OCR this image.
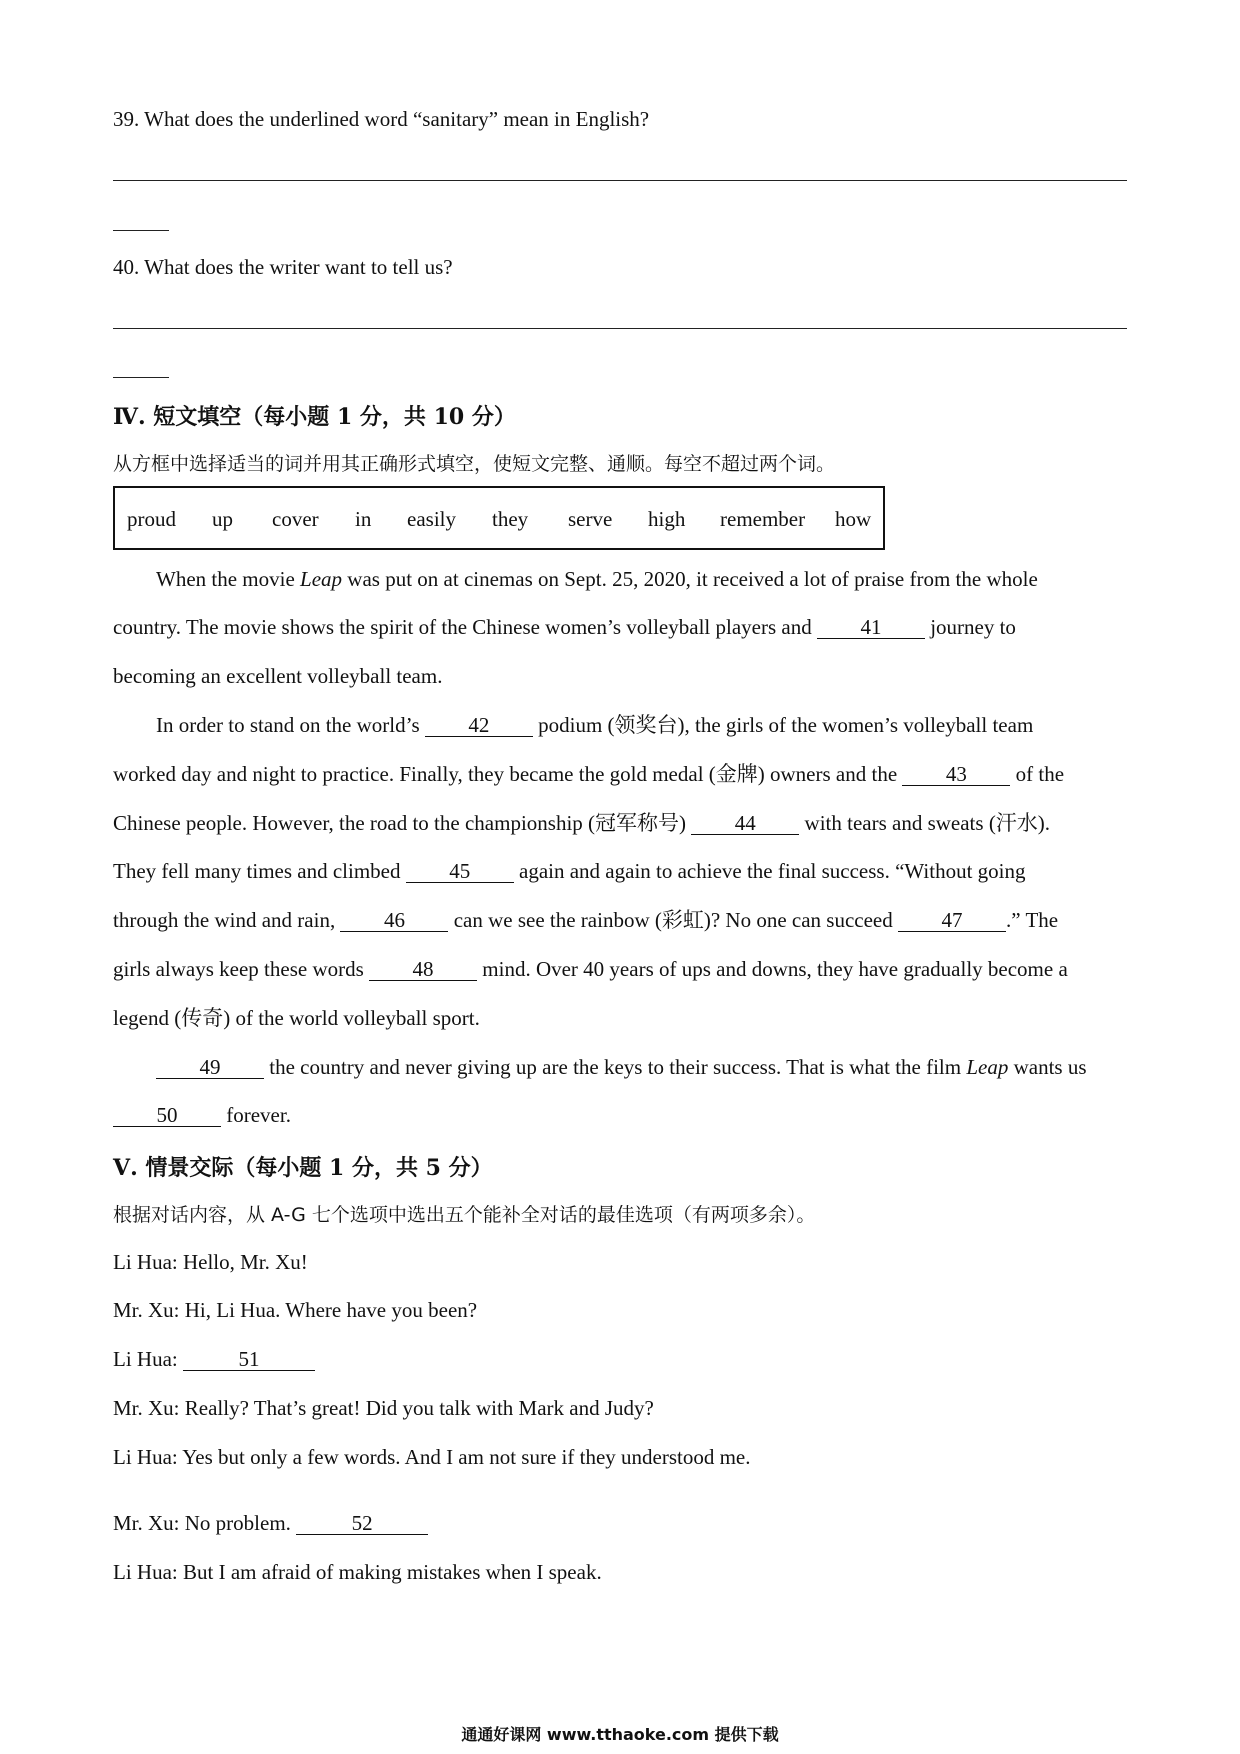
39. What does the underlined word “sanitary” mean in English?
40. What does the writer want to tell us?
Ⅳ. 短文填空（每小题 1 分，共 10 分）
从方框中选择适当的词并用其正确形式填空，使短文完整、通顺。每空不超过两个词。
proud up cover in easily they serve high remember how
When the movie Leap was put on at cinemas on Sept. 25, 2020, it received a lot of praise from the whole
country. The movie shows the spirit of the Chinese women’s volleyball players and 41 journey to
becoming an excellent volleyball team.
In order to stand on the world’s 42 podium (领奖台), the girls of the women’s volleyball team
worked day and night to practice. Finally, they became the gold medal (金牌) owners and the 43 of the
Chinese people. However, the road to the championship (冠军称号) 44 with tears and sweats (汗水).
They fell many times and climbed 45 again and again to achieve the final success. “Without going
through the wind and rain, 46 can we see the rainbow (彩虹)? No one can succeed 47 .” The
girls always keep these words 48 mind. Over 40 years of ups and downs, they have gradually become a
legend (传奇) of the world volleyball sport.
49 the country and never giving up are the keys to their success. That is what the film Leap wants us
50 forever.
Ⅴ. 情景交际（每小题 1 分，共 5 分）
根据对话内容，从 A-G 七个选项中选出五个能补全对话的最佳选项（有两项多余）。
Li Hua: Hello, Mr. Xu!
Mr. Xu: Hi, Li Hua. Where have you been?
Li Hua:	51
Mr. Xu: Really? That’s great! Did you talk with Mark and Judy?
Li Hua: Yes but only a few words. And I am not sure if they understood me.
Mr. Xu: No problem.	52
Li Hua: But I am afraid of making mistakes when I speak.
通通好课网 www.tthaoke.com 提供下载
